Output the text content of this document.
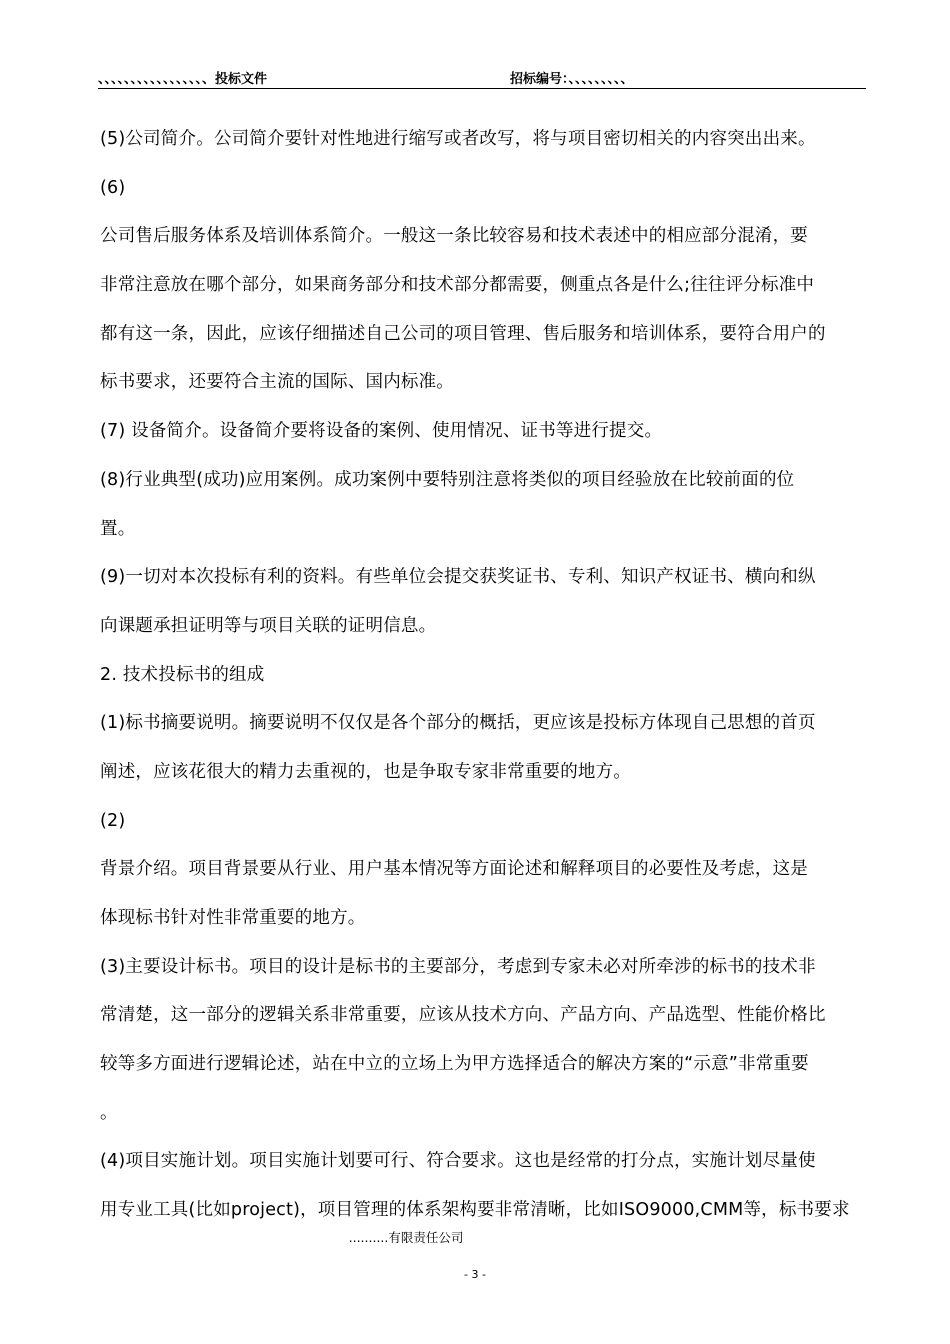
、、、、、、、、、、、、、、、、、投标文件	招标编号：、、、、、、、、、
(5)公司简介。公司简介要针对性地进行缩写或者改写，将与项目密切相关的内容突出出来。
(6)
公司售后服务体系及培训体系简介。一般这一条比较容易和技术表述中的相应部分混淆，要
非常注意放在哪个部分，如果商务部分和技术部分都需要，侧重点各是什么;往往评分标准中
都有这一条，因此，应该仔细描述自己公司的项目管理、售后服务和培训体系，要符合用户的
标书要求，还要符合主流的国际、国内标准。
(7) 设备简介。设备简介要将设备的案例、使用情况、证书等进行提交。
(8)行业典型(成功)应用案例。成功案例中要特别注意将类似的项目经验放在比较前面的位
置。
(9)一切对本次投标有利的资料。有些单位会提交获奖证书、专利、知识产权证书、横向和纵
向课题承担证明等与项目关联的证明信息。
2. 技术投标书的组成
(1)标书摘要说明。摘要说明不仅仅是各个部分的概括，更应该是投标方体现自己思想的首页
阐述，应该花很大的精力去重视的，也是争取专家非常重要的地方。
(2)
背景介绍。项目背景要从行业、用户基本情况等方面论述和解释项目的必要性及考虑，这是
体现标书针对性非常重要的地方。
(3)主要设计标书。项目的设计是标书的主要部分，考虑到专家未必对所牵涉的标书的技术非
常清楚，这一部分的逻辑关系非常重要，应该从技术方向、产品方向、产品选型、性能价格比
较等多方面进行逻辑论述，站在中立的立场上为甲方选择适合的解决方案的“示意”非常重要
。
(4)项目实施计划。项目实施计划要可行、符合要求。这也是经常的打分点，实施计划尽量使
用专业工具(比如project)，项目管理的体系架构要非常清晰，比如ISO9000,CMM等，标书要求
..........有限责任公司
- 3 -
